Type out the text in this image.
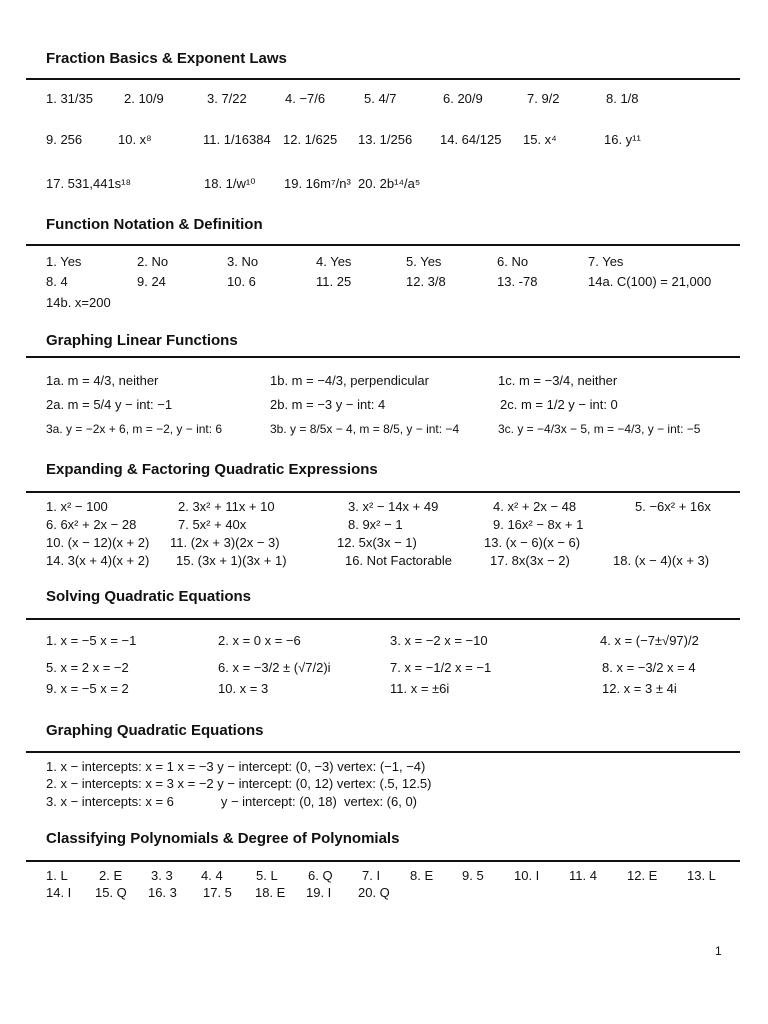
Fraction Basics & Exponent Laws
1. 31/35 2. 10/9	3. 7/22	4. −7/6	5. 4/7	6. 20/9	7. 9/2	8. 1/8
9. 256	10. x⁸	11. 1/16384 12. 1/625 13. 1/256 14. 64/125 15. x⁴	16. y¹¹
17. 531,441s¹⁸	18. 1/w¹⁰ 19. 16m⁷/n³ 20. 2b¹⁴/a⁵
Function Notation & Definition
1. Yes	2. No	3. No	4. Yes	5. Yes	6. No	7. Yes
8. 4	9. 24	10. 6	11. 25	12. 3/8	13. -78	14a. C(100) = 21,000
14b. x=200
Graphing Linear Functions
1a. m = 4/3, neither	1b. m = −4/3, perpendicular	1c. m = −3/4, neither
2a. m = 5/4 y − int: −1	2b. m = −3 y − int: 4	2c. m = 1/2 y − int: 0
3a. y = −2x + 6, m = −2, y − int: 6	3b. y = 8/5x − 4, m = 8/5, y − int: −4	3c. y = −4/3x − 5, m = −4/3, y − int: −5
Expanding & Factoring Quadratic Expressions
1. x² − 100	2. 3x² + 11x + 10	3. x² − 14x + 49	4. x² + 2x − 48	5. −6x² + 16x
6. 6x² + 2x − 28	7. 5x² + 40x	8. 9x² − 1	9. 16x² − 8x + 1
10. (x − 12)(x + 2) 11. (2x + 3)(2x − 3)	12. 5x(3x − 1)	13. (x − 6)(x − 6)
14. 3(x + 4)(x + 2) 15. (3x + 1)(3x + 1)	16. Not Factorable	17. 8x(3x − 2)	18. (x − 4)(x + 3)
Solving Quadratic Equations
1. x = −5 x = −1	2. x = 0 x = −6	3. x = −2 x = −10	4. x = (−7±√97)/2
5. x = 2 x = −2	6. x = −3/2 ± (√7/2)i	7. x = −1/2 x = −1	8. x = −3/2 x = 4
9. x = −5 x = 2	10. x = 3	11. x = ±6i	12. x = 3 ± 4i
Graphing Quadratic Equations
1. x − intercepts: x = 1 x = −3 y − intercept: (0, −3) vertex: (−1, −4)
2. x − intercepts: x = 3 x = −2 y − intercept: (0, 12) vertex: (.5, 12.5)
3. x − intercepts: x = 6             y − intercept: (0, 18)  vertex: (6, 0)
Classifying Polynomials & Degree of Polynomials
1. L 2. E 3. 3 4. 4	5. L 6. Q 7. I 8. E 9. 5 10. I 11. 4 12. E 13. L
14. I 15. Q 16. 3 17. 5 18. E 19. I 20. Q
1
